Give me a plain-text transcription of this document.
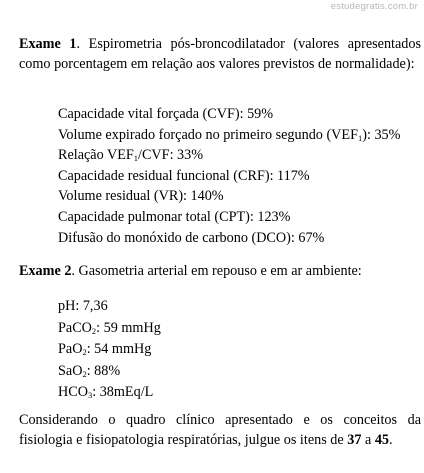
estudegratis.com.br
Exame 1. Espirometria pós-broncodilatador (valores apresentados como porcentagem em relação aos valores previstos de normalidade):
Capacidade vital forçada (CVF): 59%
Volume expirado forçado no primeiro segundo $(VEF_1)$: 35%
Relação $VEF_1$/CVF: 33%
Capacidade residual funcional (CRF): 117%
Volume residual (VR): 140%
Capacidade pulmonar total (CPT): 123%
Difusão do monóxido de carbono (DCO): 67%
Exame 2. Gasometria arterial em repouso e em ar ambiente:
pH: 7,36
PaCO$_2$: 59 mmHg
PaO$_2$: 54 mmHg
SaO$_2$: 88%
$HCO_3$: 38mEq/L
Considerando o quadro clínico apresentado e os conceitos da fisiologia e fisiopatologia respiratórias, julgue os itens de 37 a 45.
